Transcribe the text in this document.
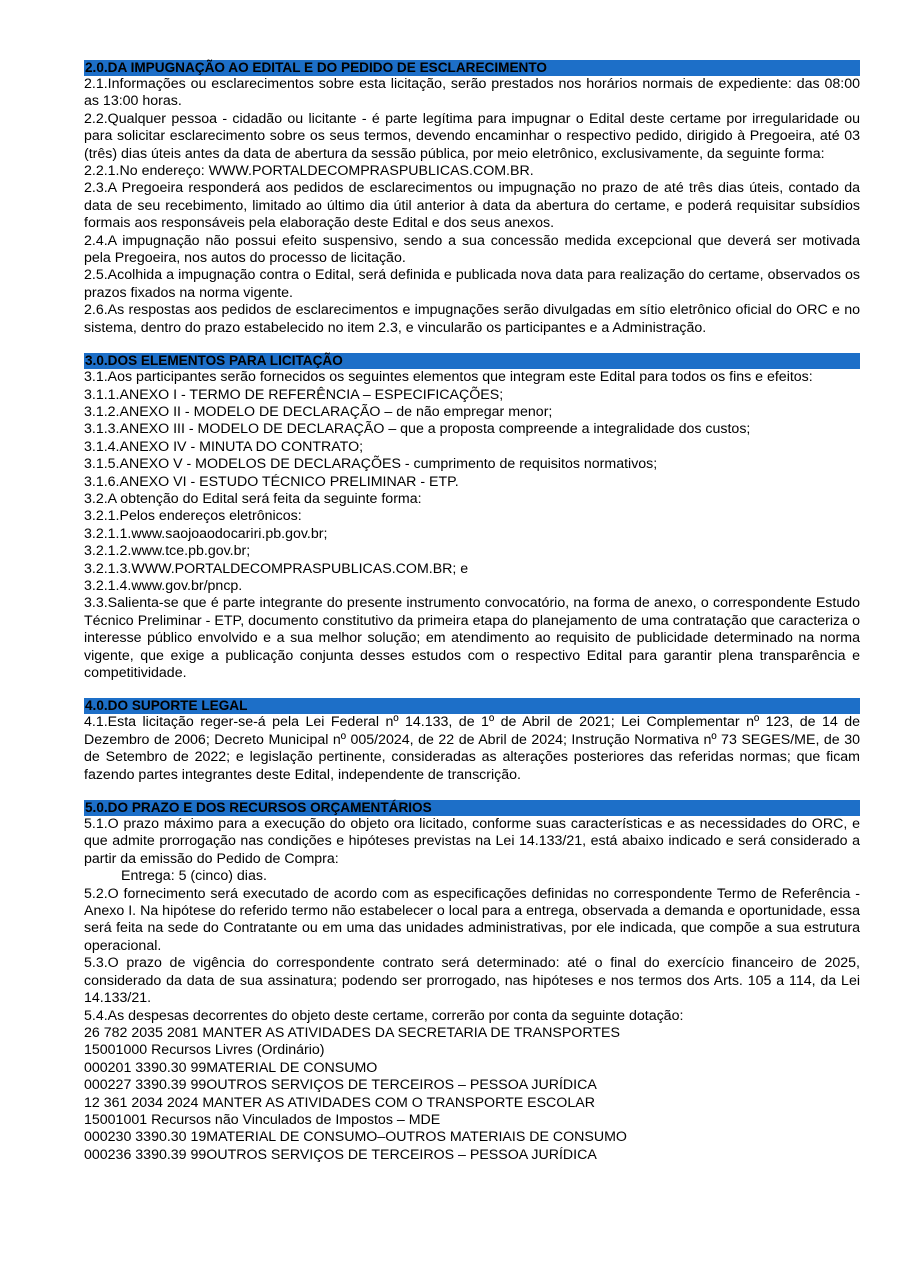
2.0.DA IMPUGNAÇÃO AO EDITAL E DO PEDIDO DE ESCLARECIMENTO
2.1.Informações ou esclarecimentos sobre esta licitação, serão prestados nos horários normais de expediente: das 08:00 as 13:00 horas.
2.2.Qualquer pessoa - cidadão ou licitante - é parte legítima para impugnar o Edital deste certame por irregularidade ou para solicitar esclarecimento sobre os seus termos, devendo encaminhar o respectivo pedido, dirigido à Pregoeira, até 03 (três) dias úteis antes da data de abertura da sessão pública, por meio eletrônico, exclusivamente, da seguinte forma:
2.2.1.No endereço: WWW.PORTALDECOMPRASPUBLICAS.COM.BR.
2.3.A Pregoeira responderá aos pedidos de esclarecimentos ou impugnação no prazo de até três dias úteis, contado da data de seu recebimento, limitado ao último dia útil anterior à data da abertura do certame, e poderá requisitar subsídios formais aos responsáveis pela elaboração deste Edital e dos seus anexos.
2.4.A impugnação não possui efeito suspensivo, sendo a sua concessão medida excepcional que deverá ser motivada pela Pregoeira, nos autos do processo de licitação.
2.5.Acolhida a impugnação contra o Edital, será definida e publicada nova data para realização do certame, observados os prazos fixados na norma vigente.
2.6.As respostas aos pedidos de esclarecimentos e impugnações serão divulgadas em sítio eletrônico oficial do ORC e no sistema, dentro do prazo estabelecido no item 2.3, e vincularão os participantes e a Administração.
3.0.DOS ELEMENTOS PARA LICITAÇÃO
3.1.Aos participantes serão fornecidos os seguintes elementos que integram este Edital para todos os fins e efeitos:
3.1.1.ANEXO I - TERMO DE REFERÊNCIA – ESPECIFICAÇÕES;
3.1.2.ANEXO II - MODELO DE DECLARAÇÃO – de não empregar menor;
3.1.3.ANEXO III - MODELO DE DECLARAÇÃO – que a proposta compreende a integralidade dos custos;
3.1.4.ANEXO IV - MINUTA DO CONTRATO;
3.1.5.ANEXO V - MODELOS DE DECLARAÇÕES - cumprimento de requisitos normativos;
3.1.6.ANEXO VI - ESTUDO TÉCNICO PRELIMINAR - ETP.
3.2.A obtenção do Edital será feita da seguinte forma:
3.2.1.Pelos endereços eletrônicos:
3.2.1.1.www.saojoaodocariri.pb.gov.br;
3.2.1.2.www.tce.pb.gov.br;
3.2.1.3.WWW.PORTALDECOMPRASPUBLICAS.COM.BR; e
3.2.1.4.www.gov.br/pncp.
3.3.Salienta-se que é parte integrante do presente instrumento convocatório, na forma de anexo, o correspondente Estudo Técnico Preliminar - ETP, documento constitutivo da primeira etapa do planejamento de uma contratação que caracteriza o interesse público envolvido e a sua melhor solução; em atendimento ao requisito de publicidade determinado na norma vigente, que exige a publicação conjunta desses estudos com o respectivo Edital para garantir plena transparência e competitividade.
4.0.DO SUPORTE LEGAL
4.1.Esta licitação reger-se-á pela Lei Federal nº 14.133, de 1º de Abril de 2021; Lei Complementar nº 123, de 14 de Dezembro de 2006; Decreto Municipal nº 005/2024, de 22 de Abril de 2024; Instrução Normativa nº 73 SEGES/ME, de 30 de Setembro de 2022; e legislação pertinente, consideradas as alterações posteriores das referidas normas; que ficam fazendo partes integrantes deste Edital, independente de transcrição.
5.0.DO PRAZO E DOS RECURSOS ORÇAMENTÁRIOS
5.1.O prazo máximo para a execução do objeto ora licitado, conforme suas características e as necessidades do ORC, e que admite prorrogação nas condições e hipóteses previstas na Lei 14.133/21, está abaixo indicado e será considerado a partir da emissão do Pedido de Compra:
Entrega: 5 (cinco) dias.
5.2.O fornecimento será executado de acordo com as especificações definidas no correspondente Termo de Referência - Anexo I. Na hipótese do referido termo não estabelecer o local para a entrega, observada a demanda e oportunidade, essa será feita na sede do Contratante ou em uma das unidades administrativas, por ele indicada, que compõe a sua estrutura operacional.
5.3.O prazo de vigência do correspondente contrato será determinado: até o final do exercício financeiro de 2025, considerado da data de sua assinatura; podendo ser prorrogado, nas hipóteses e nos termos dos Arts. 105 a 114, da Lei 14.133/21.
5.4.As despesas decorrentes do objeto deste certame, correrão por conta da seguinte dotação:
26 782 2035 2081 MANTER AS ATIVIDADES DA SECRETARIA DE TRANSPORTES
15001000 Recursos Livres (Ordinário)
000201 3390.30 99MATERIAL DE CONSUMO
000227 3390.39 99OUTROS SERVIÇOS DE TERCEIROS – PESSOA JURÍDICA
12 361 2034 2024 MANTER AS ATIVIDADES COM O TRANSPORTE ESCOLAR
15001001 Recursos não Vinculados de Impostos – MDE
000230 3390.30 19MATERIAL DE CONSUMO–OUTROS MATERIAIS DE CONSUMO
000236 3390.39 99OUTROS SERVIÇOS DE TERCEIROS – PESSOA JURÍDICA
